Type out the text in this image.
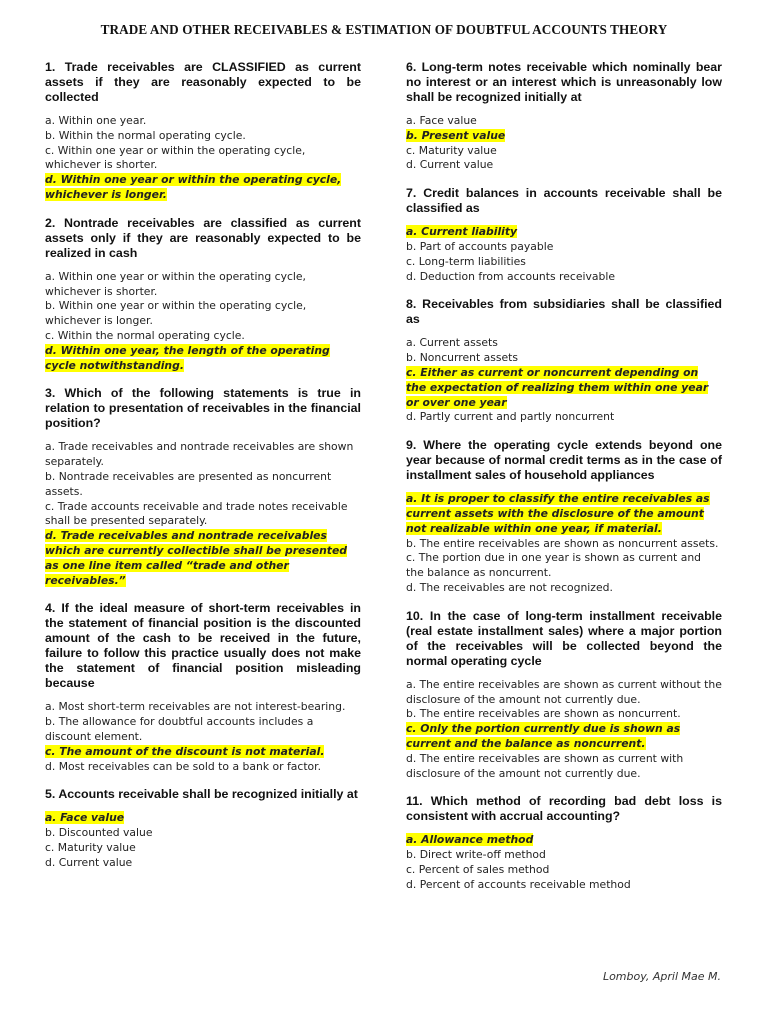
TRADE AND OTHER RECEIVABLES & ESTIMATION OF DOUBTFUL ACCOUNTS THEORY

1. Trade receivables are CLASSIFIED as current assets if they are reasonably expected to be collected

a. Within one year.
b. Within the normal operating cycle.
c. Within one year or within the operating cycle, whichever is shorter.
d. Within one year or within the operating cycle, whichever is longer.

2. Nontrade receivables are classified as current assets only if they are reasonably expected to be realized in cash

a. Within one year or within the operating cycle, whichever is shorter.
b. Within one year or within the operating cycle, whichever is longer.
c. Within the normal operating cycle.
d. Within one year, the length of the operating cycle notwithstanding.

3. Which of the following statements is true in relation to presentation of receivables in the financial position?

a. Trade receivables and nontrade receivables are shown separately.
b. Nontrade receivables are presented as noncurrent assets.
c. Trade accounts receivable and trade notes receivable shall be presented separately.
d. Trade receivables and nontrade receivables which are currently collectible shall be presented as one line item called “trade and other receivables.”

4. If the ideal measure of short-term receivables in the statement of financial position is the discounted amount of the cash to be received in the future, failure to follow this practice usually does not make the statement of financial position misleading because

a. Most short-term receivables are not interest-bearing.
b. The allowance for doubtful accounts includes a discount element.
c. The amount of the discount is not material.
d. Most receivables can be sold to a bank or factor.

5. Accounts receivable shall be recognized initially at

a. Face value
b. Discounted value
c. Maturity value
d. Current value

6. Long-term notes receivable which nominally bear no interest or an interest which is unreasonably low shall be recognized initially at

a. Face value
b. Present value
c. Maturity value
d. Current value

7. Credit balances in accounts receivable shall be classified as

a. Current liability
b. Part of accounts payable
c. Long-term liabilities
d. Deduction from accounts receivable

8. Receivables from subsidiaries shall be classified as

a. Current assets
b. Noncurrent assets
c. Either as current or noncurrent depending on the expectation of realizing them within one year or over one year
d. Partly current and partly noncurrent

9. Where the operating cycle extends beyond one year because of normal credit terms as in the case of installment sales of household appliances

a. It is proper to classify the entire receivables as current assets with the disclosure of the amount not realizable within one year, if material.
b. The entire receivables are shown as noncurrent assets.
c. The portion due in one year is shown as current and the balance as noncurrent.
d. The receivables are not recognized.

10. In the case of long-term installment receivable (real estate installment sales) where a major portion of the receivables will be collected beyond the normal operating cycle

a. The entire receivables are shown as current without the disclosure of the amount not currently due.
b. The entire receivables are shown as noncurrent.
c. Only the portion currently due is shown as current and the balance as noncurrent.
d. The entire receivables are shown as current with disclosure of the amount not currently due.

11. Which method of recording bad debt loss is consistent with accrual accounting?

a. Allowance method
b. Direct write-off method
c. Percent of sales method
d. Percent of accounts receivable method
Lomboy, April Mae M.
